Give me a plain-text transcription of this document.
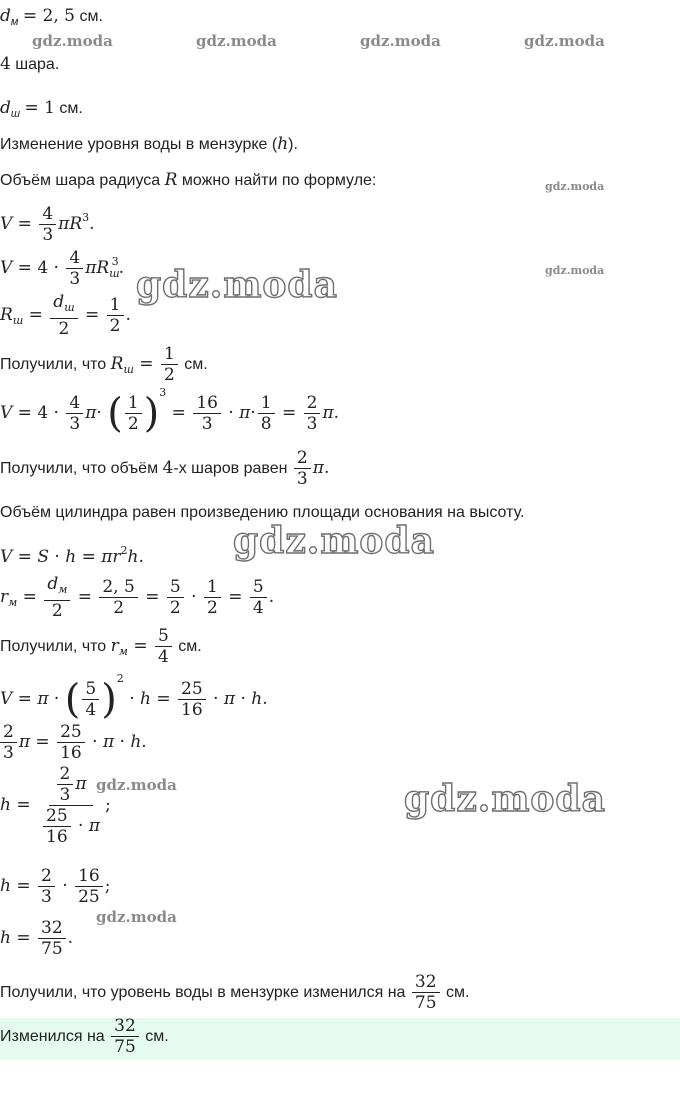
gdz.moda	gdz.moda	gdz.moda	gdz.moda
gdz.moda
gdz.moda
gdz.moda
gdz.moda
gdz.moda
gdz.moda
gdz.moda
$d_м = 2$, 5 см.
4 шара.
$d_ш = 1$ см.
Изменение уровня воды в мензурке (h).
Объём шара радиуса R можно найти по формуле:
$V = \frac{4}{3} \pi R^3$.
$V = 4 \cdot \frac{4}{3} \pi R_ш^3$.
$R_ш = \frac{d_ш}{2} = \frac{1}{2}$ .
Получили, что $R_ш = \frac{1}{2}$ см.
$V = 4 \cdot \frac{4}{3} \pi\cdot$ ( $\frac{1}{2} )^3 = \frac{16}{3} \cdot \pi\cdot \frac{1}{8} = \frac{2}{3} \pi$.
Получили, что объём 4-х шаров равен $\frac{2}{3} \pi$.
Объём цилиндра равен произведению площади основания на высоту.
$V = S \cdot h = \pi r^2h$.
$r_м = \frac{d_м}{2} = \frac{2, 5}{2} = \frac{5}{2} \cdot \frac{1}{2} = \frac{5}{4}$ .
Получили, что $r_м = \frac{5}{4}$ см.
V = π · ( $\frac{5}{4} )^2 \cdot h = \frac{25}{16} \cdot \pi \cdot h$.
$\frac{2}{3}$ $\pi = \frac{25}{16} \cdot \pi \cdot h$.
$h = \frac{\frac{2}{3} \pi}{\frac{25}{16} \cdot \pi}$ ;
$h = \frac{2}{3} \cdot \frac{16}{25}$ ;
$h = \frac{32}{75}$ .
Получили, что уровень воды в мензурке изменился на $\frac{32}{75}$ см.
Изменился на $\frac{32}{75}$ см.
